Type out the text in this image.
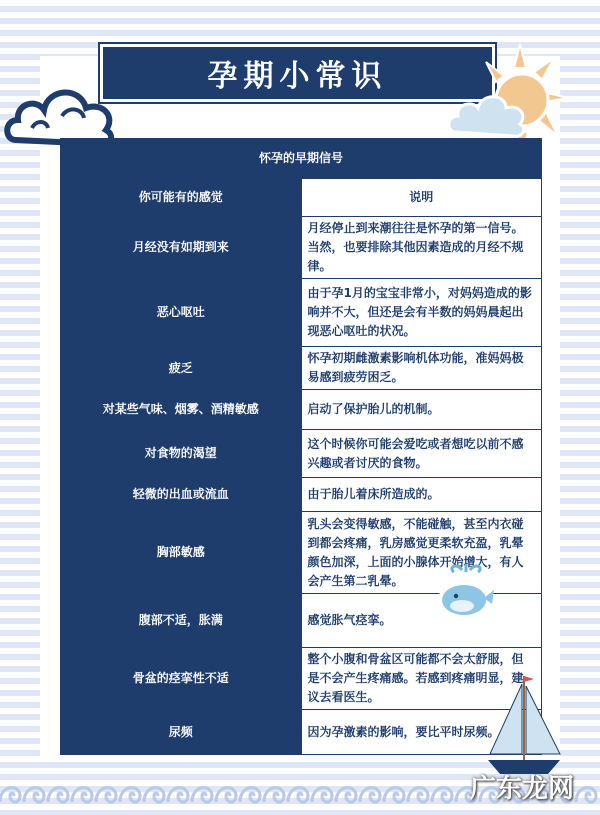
孕期小常识
怀孕的早期信号	
你可能有的感觉	说明
月经没有如期到来	月经停止到来潮往往是怀孕的第一信号。当然，也要排除其他因素造成的月经不规律。
恶心呕吐	由于孕1月的宝宝非常小，对妈妈造成的影响并不大，但还是会有半数的妈妈晨起出现恶心呕吐的状况。
疲乏	怀孕初期雌激素影响机体功能，准妈妈极易感到疲劳困乏。
对某些气味、烟雾、酒精敏感	启动了保护胎儿的机制。
对食物的渴望	这个时候你可能会爱吃或者想吃以前不感兴趣或者讨厌的食物。
轻微的出血或流血	由于胎儿着床所造成的。
胸部敏感	乳头会变得敏感，不能碰触，甚至内衣碰到都会疼痛，乳房感觉更柔软充盈，乳晕颜色加深，上面的小腺体开始增大，有人会产生第二乳晕。
腹部不适，胀满	感觉胀气痉挛。
骨盆的痉挛性不适	整个小腹和骨盆区可能都不会太舒服，但是不会产生疼痛感。若感到疼痛明显，建议去看医生。
尿频	因为孕激素的影响，要比平时尿频。
广东龙网
